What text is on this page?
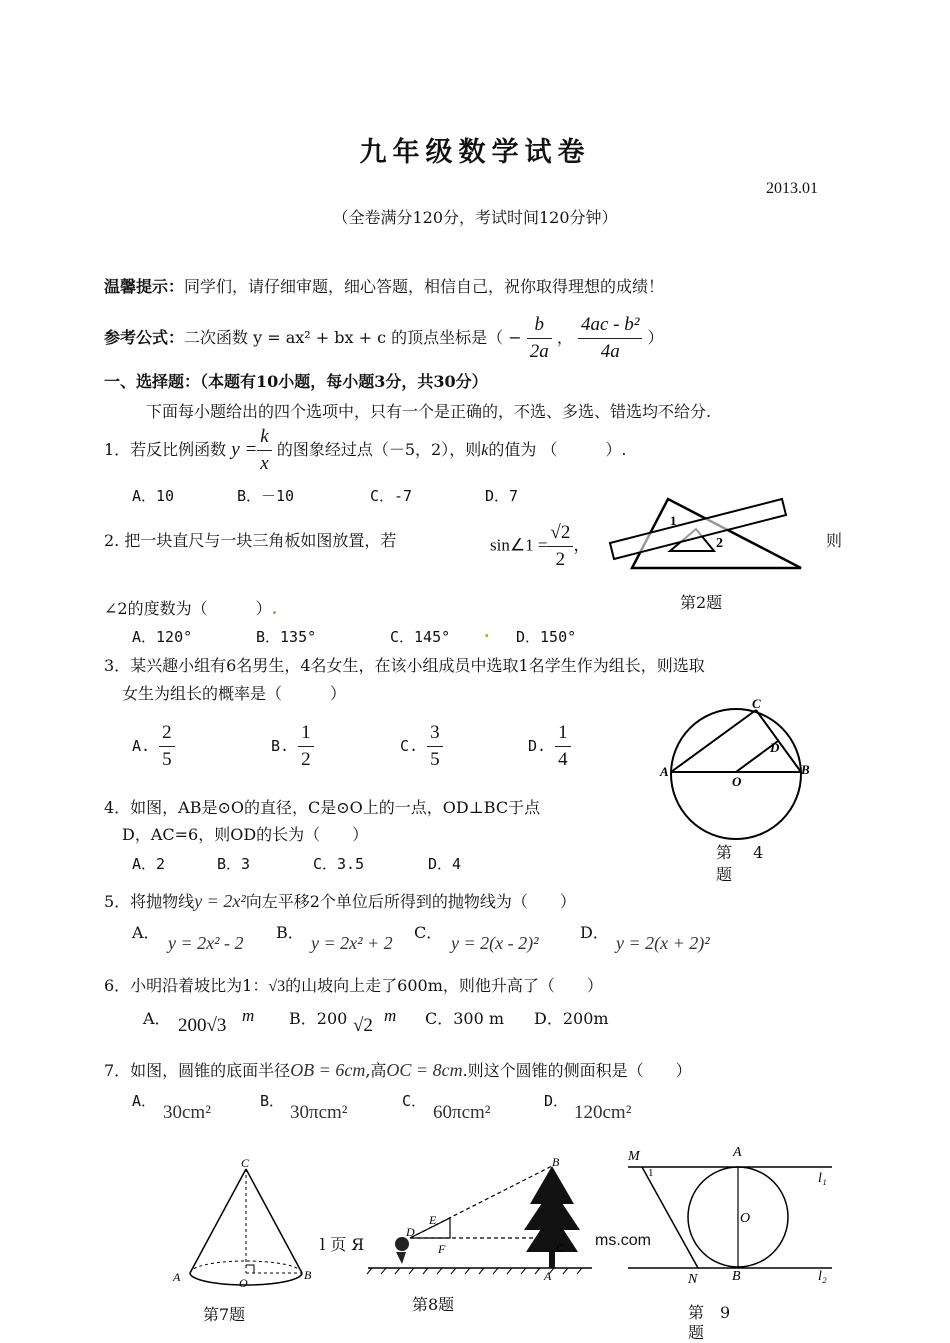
九年级数学试卷
2013.01
（全卷满分120分，考试时间120分钟）
温馨提示：同学们，请仔细审题，细心答题，相信自己，祝你取得理想的成绩！
参考公式：二次函数 y = ax² + bx + c 的顶点坐标是（ − $\frac{b}{2a}$ ， $\frac{\text{4ac - b²}}{4a}$ ）
一、选择题：（本题有10小题，每小题3分，共30分）
下面每小题给出的四个选项中，只有一个是正确的，不选、多选、错选均不给分.
1．若反比例函数 $y = \frac{k}{x}$ 的图象经过点（－5，2），则k的值为 （　　　）.
A．10	B．－10	C．-7	D．7
2. 把一块直尺与一块三角板如图放置，若	sin∠1 = $\frac{√2}{2}$ ，	则
1
2
第2题
∠2的度数为（　　　）.
A．120°	B．135°	C．145° . D．150°
3．某兴趣小组有6名男生，4名女生，在该小组成员中选取1名学生作为组长，则选取
女生为组长的概率是（　　　）
A. $\frac{2}{5}$	B. $\frac{1}{2}$	C. $\frac{3}{5}$	D. $\frac{1}{4}$
C
D
A
O
B
第　 4
题
4．如图，AB是⊙O的直径，C是⊙O上的一点，OD⊥BC于点
D，AC=6，则OD的长为（　　）
A．2	B．3	C．3.5	D．4
5．将抛物线y = 2x²向左平移2个单位后所得到的抛物线为（　　）
A．
y = 2x² - 2
B．
y = 2x² + 2
C．
y = 2(x - 2)²
D．
y = 2(x + 2)²
6．小明沿着坡比为1：√3的山坡向上走了600m，则他升高了（　　）
A． 200√3 m B．200 √2 m C．300 m D．200m
7．如图，圆锥的底面半径OB = 6cm,高OC = 8cm.则这个圆锥的侧面积是（　　）
A．
30cm²
B．
30πcm²
C．
60πcm²
D．
120cm²
C
A	O
B
第7题
B
D
E
F	C
A
第8题
l 页 Я	ms.com
M
1
A
l₁
O
N B	l₂
第　9
题
